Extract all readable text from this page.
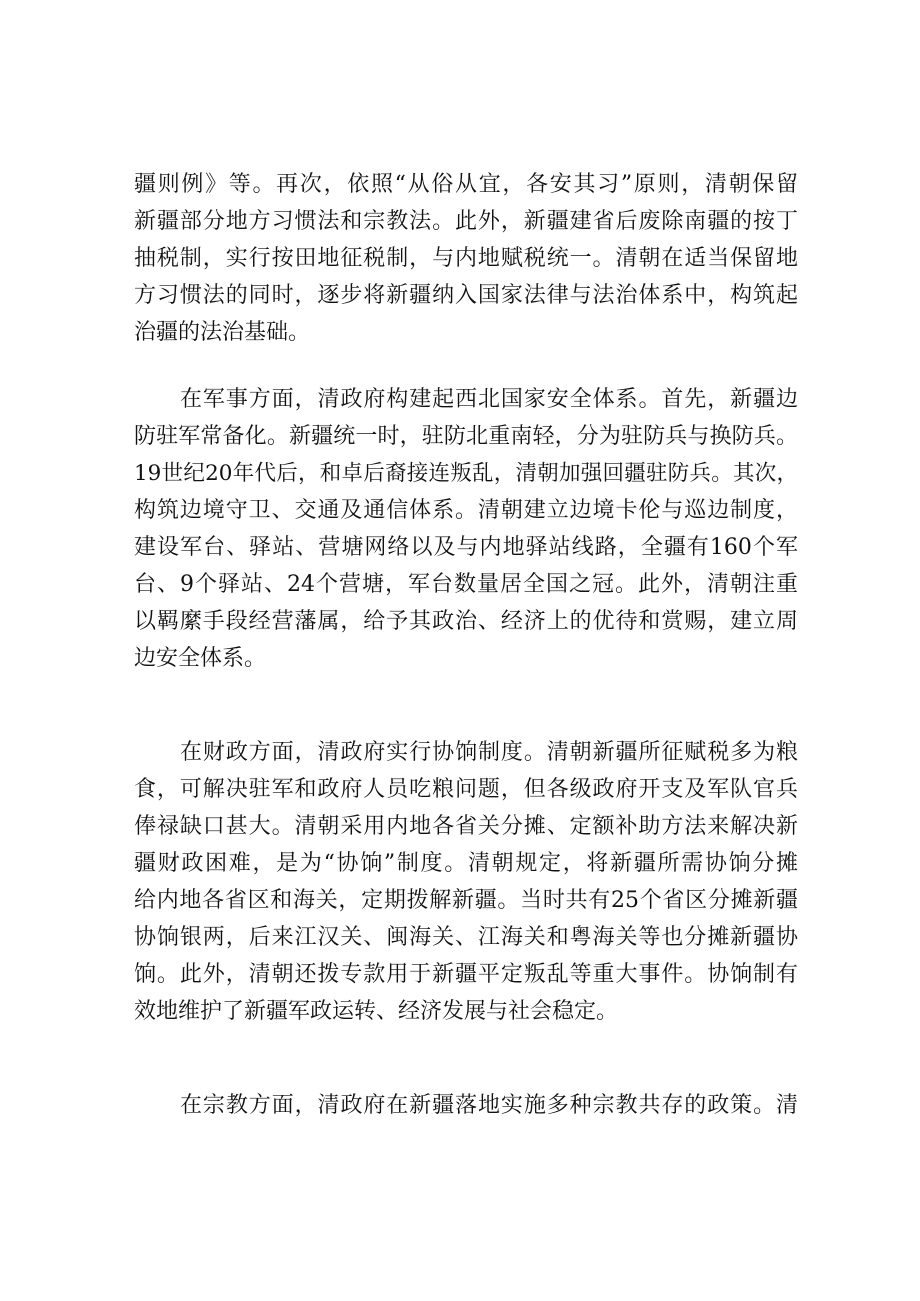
疆则例》等。再次，依照“从俗从宜，各安其习”原则，清朝保留
新疆部分地方习惯法和宗教法。此外，新疆建省后废除南疆的按丁
抽税制，实行按田地征税制，与内地赋税统一。清朝在适当保留地
方习惯法的同时，逐步将新疆纳入国家法律与法治体系中，构筑起
治疆的法治基础。
在军事方面，清政府构建起西北国家安全体系。首先，新疆边
防驻军常备化。新疆统一时，驻防北重南轻，分为驻防兵与换防兵。
19世纪20年代后，和卓后裔接连叛乱，清朝加强回疆驻防兵。其次，
构筑边境守卫、交通及通信体系。清朝建立边境卡伦与巡边制度，
建设军台、驿站、营塘网络以及与内地驿站线路，全疆有160个军
台、9个驿站、24个营塘，军台数量居全国之冠。此外，清朝注重
以羁縻手段经营藩属，给予其政治、经济上的优待和赏赐，建立周
边安全体系。
在财政方面，清政府实行协饷制度。清朝新疆所征赋税多为粮
食，可解决驻军和政府人员吃粮问题，但各级政府开支及军队官兵
俸禄缺口甚大。清朝采用内地各省关分摊、定额补助方法来解决新
疆财政困难，是为“协饷”制度。清朝规定，将新疆所需协饷分摊
给内地各省区和海关，定期拨解新疆。当时共有25个省区分摊新疆
协饷银两，后来江汉关、闽海关、江海关和粤海关等也分摊新疆协
饷。此外，清朝还拨专款用于新疆平定叛乱等重大事件。协饷制有
效地维护了新疆军政运转、经济发展与社会稳定。
在宗教方面，清政府在新疆落地实施多种宗教共存的政策。清
